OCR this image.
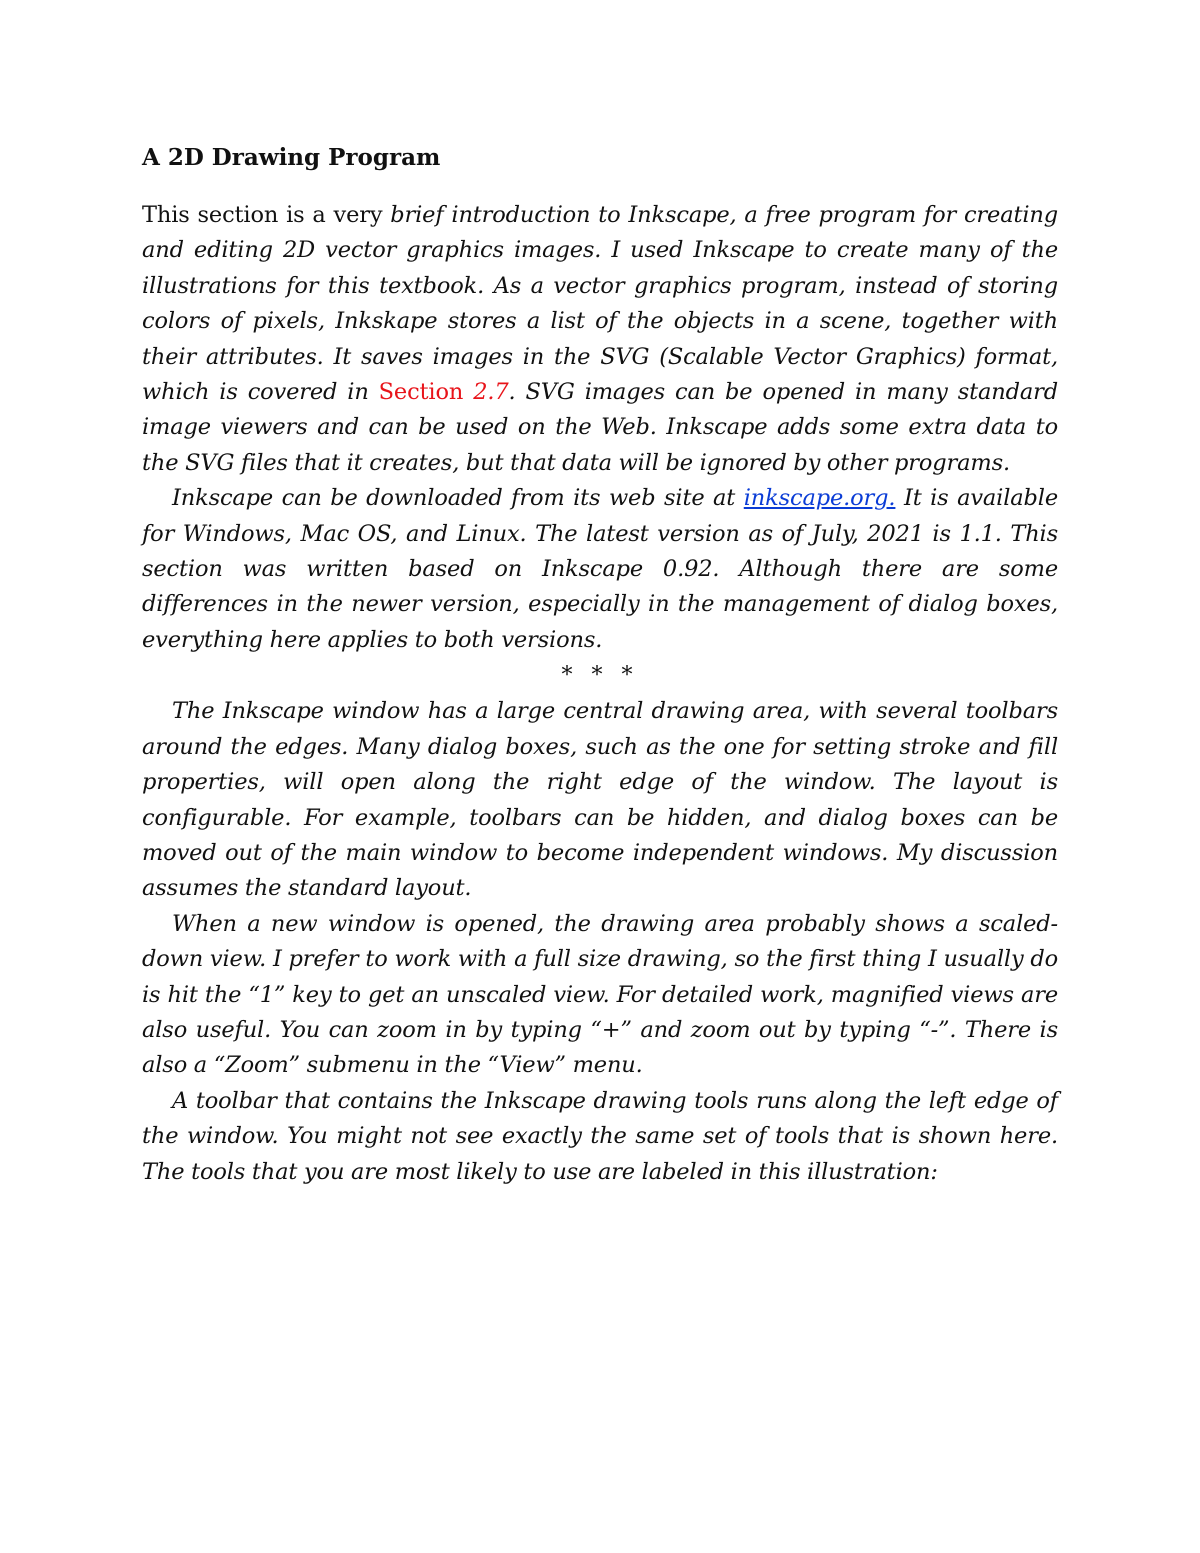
A 2D Drawing Program

This section is a very brief introduction to Inkscape, a free program for creating and editing 2D vector graphics images. I used Inkscape to create many of the illustrations for this textbook. As a vector graphics program, instead of storing colors of pixels, Inkskape stores a list of the objects in a scene, together with their attributes. It saves images in the SVG (Scalable Vector Graphics) format, which is covered in Section 2.7. SVG images can be opened in many standard image viewers and can be used on the Web. Inkscape adds some extra data to the SVG files that it creates, but that data will be ignored by other programs.

Inkscape can be downloaded from its web site at inkscape.org. It is available for Windows, Mac OS, and Linux. The latest version as of July, 2021 is 1.1. This section was written based on Inkscape 0.92. Although there are some differences in the newer version, especially in the management of dialog boxes, everything here applies to both versions.

* * *

The Inkscape window has a large central drawing area, with several toolbars around the edges. Many dialog boxes, such as the one for setting stroke and fill properties, will open along the right edge of the window. The layout is configurable. For example, toolbars can be hidden, and dialog boxes can be moved out of the main window to become independent windows. My discussion assumes the standard layout.

When a new window is opened, the drawing area probably shows a scaled-down view. I prefer to work with a full size drawing, so the first thing I usually do is hit the “1” key to get an unscaled view. For detailed work, magnified views are also useful. You can zoom in by typing “+” and zoom out by typing “-”. There is also a “Zoom” submenu in the “View” menu.

A toolbar that contains the Inkscape drawing tools runs along the left edge of the window. You might not see exactly the same set of tools that is shown here. The tools that you are most likely to use are labeled in this illustration:
